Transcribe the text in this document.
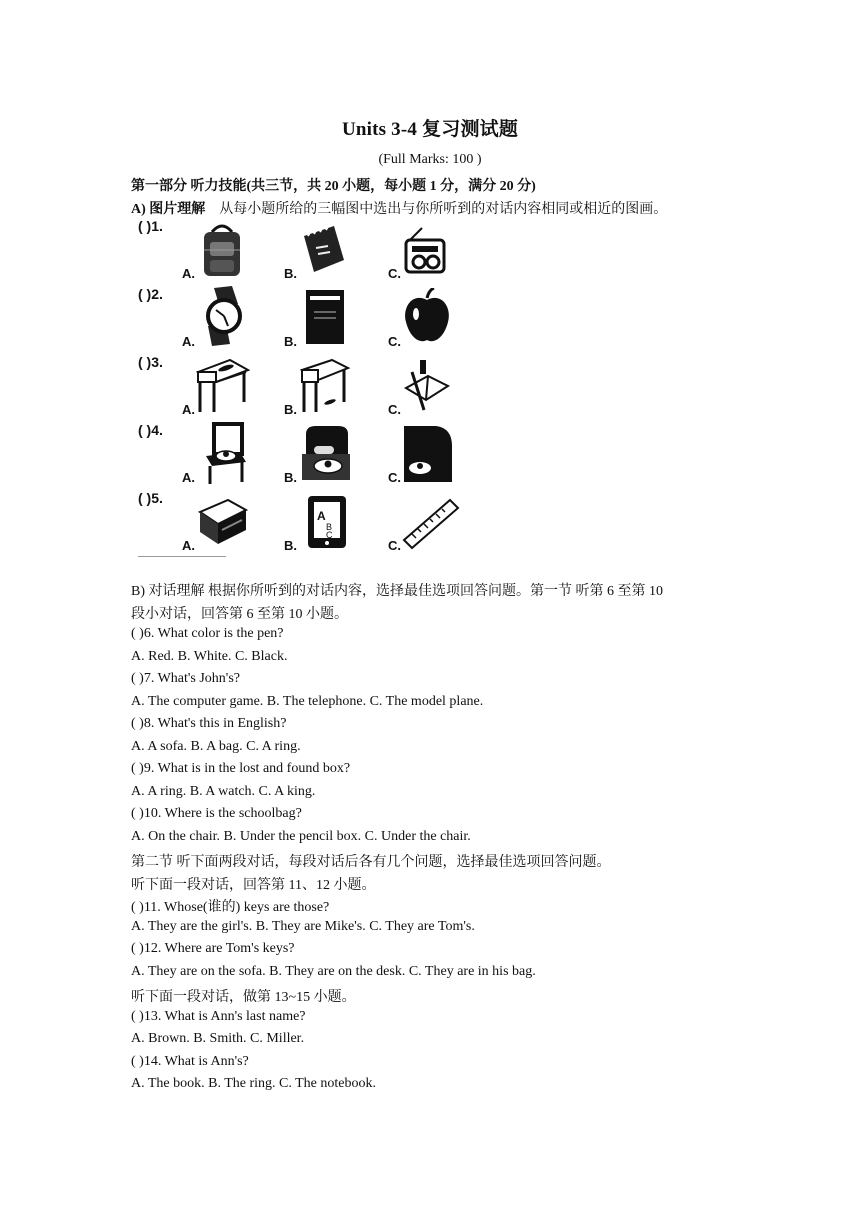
Units 3-4 复习测试题
(Full Marks: 100 )
第一部分 听力技能(共三节，共 20 小题，每小题 1 分，满分 20 分)
A) 图片理解 从每小题所给的三幅图中选出与你所听到的对话内容相同或相近的图画。
( )1.
A.	B.	C.
( )2.
A.	B.	C.
( )3.
A.	B.	C.
( )4.
A.	B.	C.
( )5.
A.	B.	C.
A
B
C
B) 对话理解 根据你所听到的对话内容，选择最佳选项回答问题。第一节 听第 6 至第 10
段小对话，回答第 6 至第 10 小题。
( )6. What color is the pen?
A. Red. B. White. C. Black.
( )7. What's John's?
A. The computer game. B. The telephone. C. The model plane.
( )8. What's this in English?
A. A sofa. B. A bag. C. A ring.
( )9. What is in the lost and found box?
A. A ring. B. A watch. C. A king.
( )10. Where is the schoolbag?
A. On the chair. B. Under the pencil box. C. Under the chair.
第二节 听下面两段对话，每段对话后各有几个问题，选择最佳选项回答问题。
听下面一段对话，回答第 11、12 小题。
( )11. Whose(谁的) keys are those?
A. They are the girl's. B. They are Mike's. C. They are Tom's.
( )12. Where are Tom's keys?
A. They are on the sofa. B. They are on the desk. C. They are in his bag.
听下面一段对话，做第 13~15 小题。
( )13. What is Ann's last name?
A. Brown. B. Smith. C. Miller.
( )14. What is Ann's?
A. The book. B. The ring. C. The notebook.
